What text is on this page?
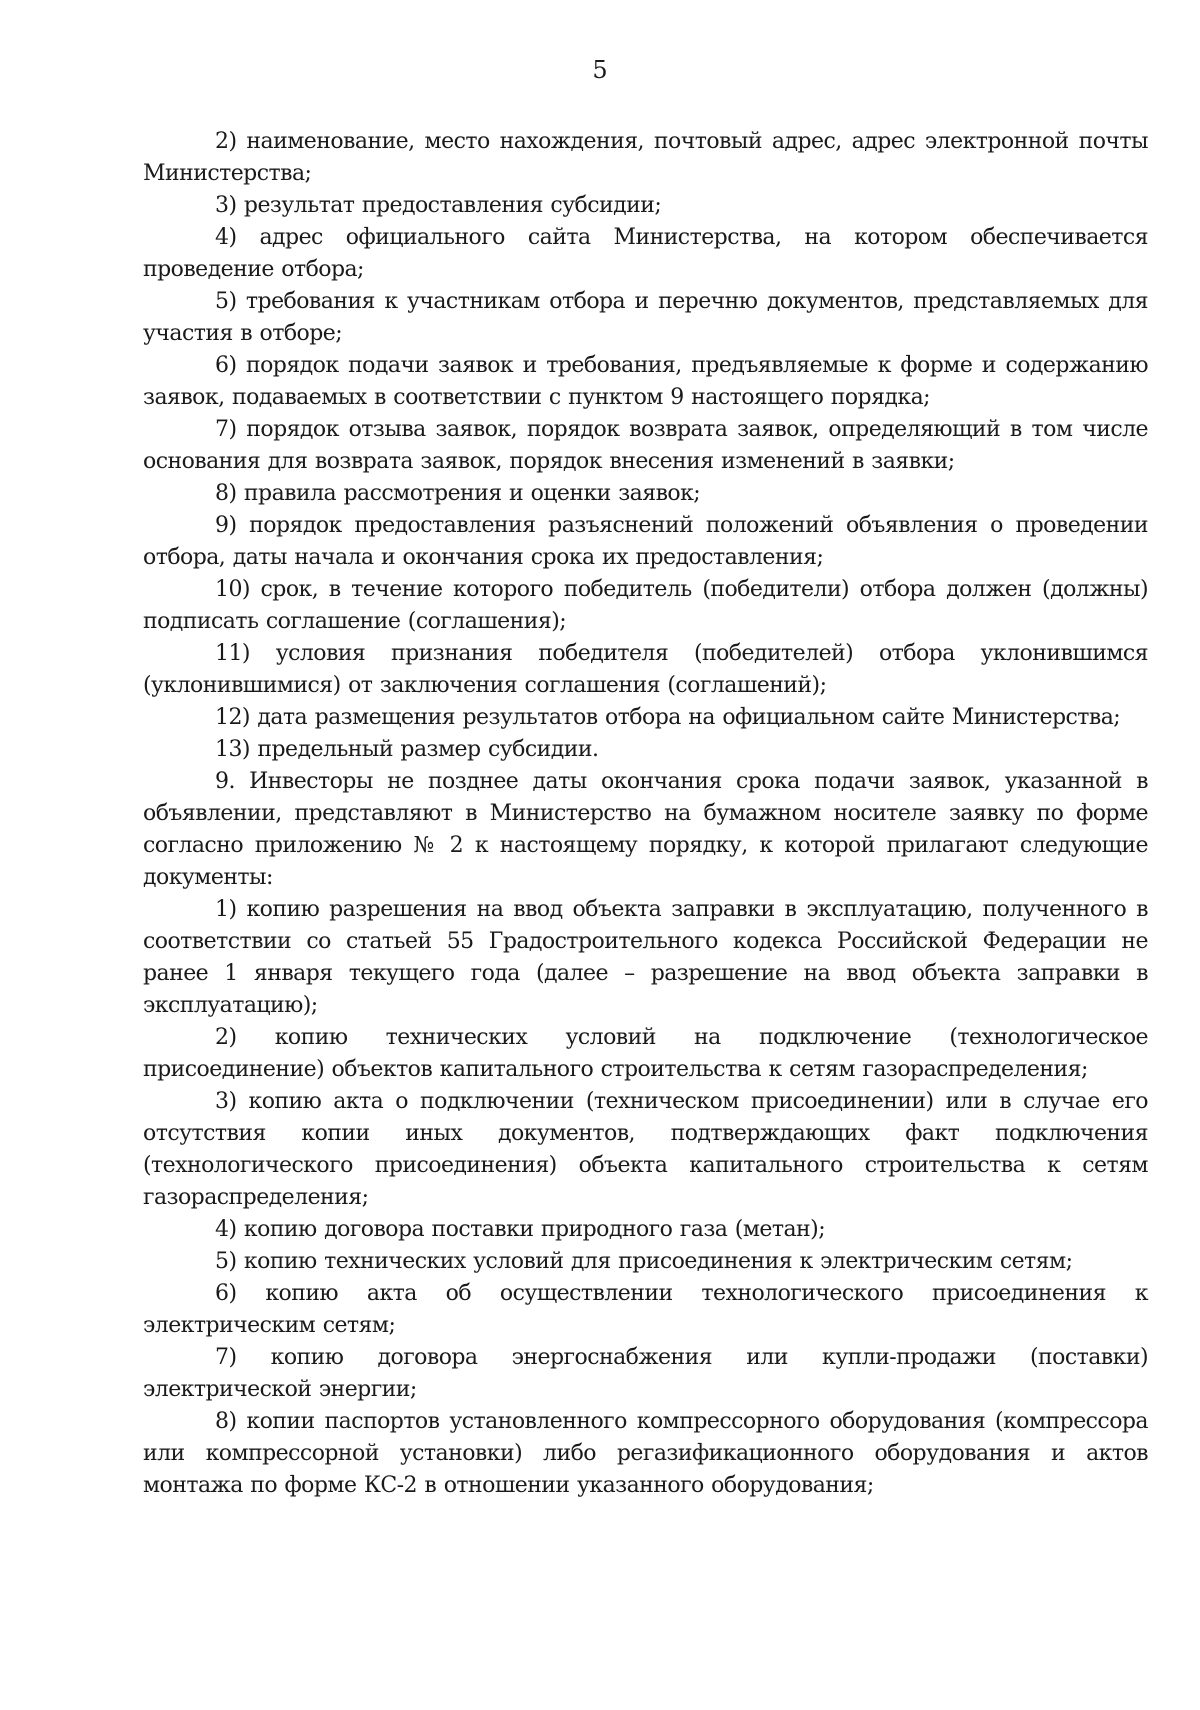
5

2) наименование, место нахождения, почтовый адрес, адрес электронной почты Министерства;

3) результат предоставления субсидии;

4) адрес официального сайта Министерства, на котором обеспечивается проведение отбора;

5) требования к участникам отбора и перечню документов, представляемых для участия в отборе;

6) порядок подачи заявок и требования, предъявляемые к форме и содержанию заявок, подаваемых в соответствии с пунктом 9 настоящего порядка;

7) порядок отзыва заявок, порядок возврата заявок, определяющий в том числе основания для возврата заявок, порядок внесения изменений в заявки;

8) правила рассмотрения и оценки заявок;

9) порядок предоставления разъяснений положений объявления о проведении отбора, даты начала и окончания срока их предоставления;

10) срок, в течение которого победитель (победители) отбора должен (должны) подписать соглашение (соглашения);

11) условия признания победителя (победителей) отбора уклонившимся (уклонившимися) от заключения соглашения (соглашений);

12) дата размещения результатов отбора на официальном сайте Министерства;

13) предельный размер субсидии.

9. Инвесторы не позднее даты окончания срока подачи заявок, указанной в объявлении, представляют в Министерство на бумажном носителе заявку по форме согласно приложению № 2 к настоящему порядку, к которой прилагают следующие документы:

1) копию разрешения на ввод объекта заправки в эксплуатацию, полученного в соответствии со статьей 55 Градостроительного кодекса Российской Федерации не ранее 1 января текущего года (далее – разрешение на ввод объекта заправки в эксплуатацию);

2) копию технических условий на подключение (технологическое присоединение) объектов капитального строительства к сетям газораспределения;

3) копию акта о подключении (техническом присоединении) или в случае его отсутствия копии иных документов, подтверждающих факт подключения (технологического присоединения) объекта капитального строительства к сетям газораспределения;

4) копию договора поставки природного газа (метан);

5) копию технических условий для присоединения к электрическим сетям;

6) копию акта об осуществлении технологического присоединения к электрическим сетям;

7) копию договора энергоснабжения или купли-продажи (поставки) электрической энергии;

8) копии паспортов установленного компрессорного оборудования (компрессора или компрессорной установки) либо регазификационного оборудования и актов монтажа по форме КС-2 в отношении указанного оборудования;
